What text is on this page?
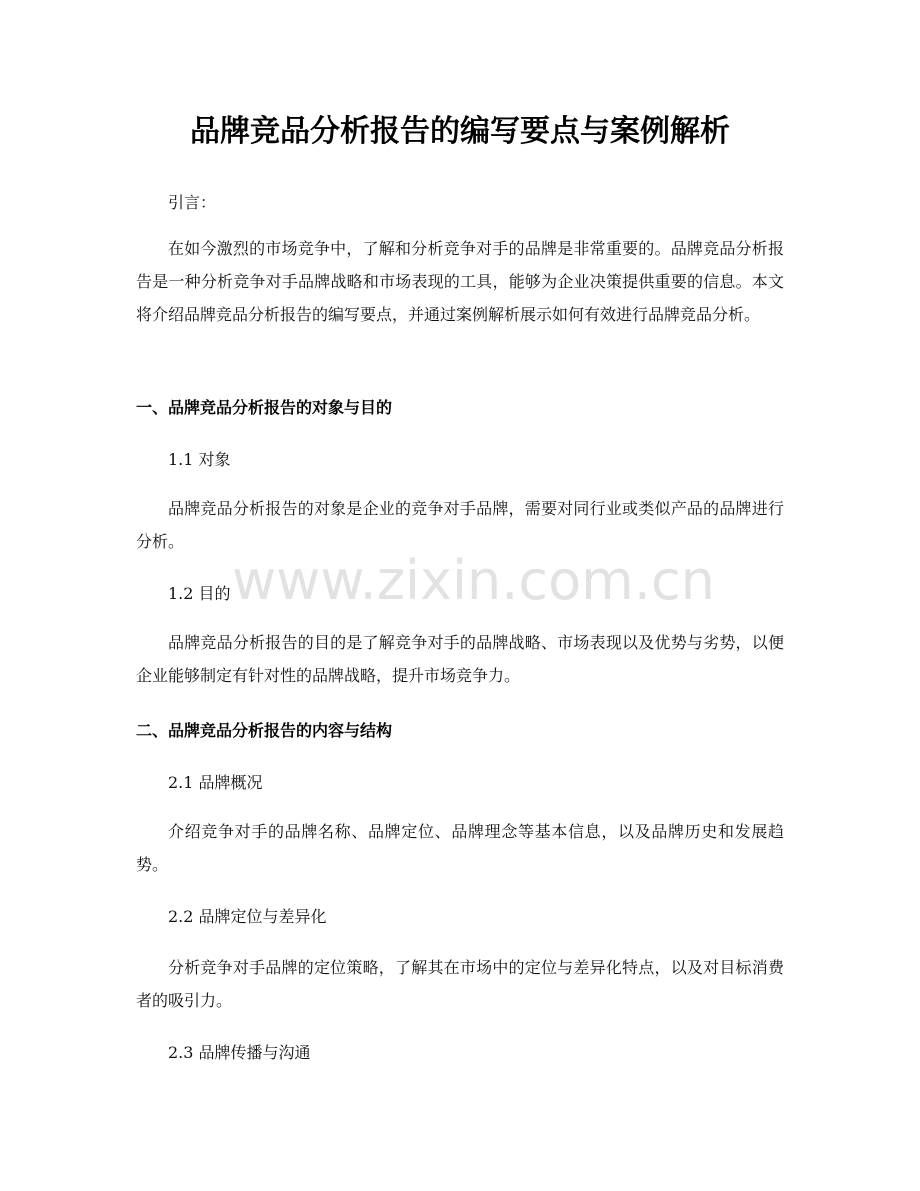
品牌竞品分析报告的编写要点与案例解析

引言：

在如今激烈的市场竞争中，了解和分析竞争对手的品牌是非常重要的。品牌竞品分析报告是一种分析竞争对手品牌战略和市场表现的工具，能够为企业决策提供重要的信息。本文将介绍品牌竞品分析报告的编写要点，并通过案例解析展示如何有效进行品牌竞品分析。

一、品牌竞品分析报告的对象与目的

1.1 对象

品牌竞品分析报告的对象是企业的竞争对手品牌，需要对同行业或类似产品的品牌进行分析。

1.2 目的

品牌竞品分析报告的目的是了解竞争对手的品牌战略、市场表现以及优势与劣势，以便企业能够制定有针对性的品牌战略，提升市场竞争力。

二、品牌竞品分析报告的内容与结构

2.1 品牌概况

介绍竞争对手的品牌名称、品牌定位、品牌理念等基本信息，以及品牌历史和发展趋势。

2.2 品牌定位与差异化

分析竞争对手品牌的定位策略，了解其在市场中的定位与差异化特点，以及对目标消费者的吸引力。

2.3 品牌传播与沟通

www.zixin.com.cn
